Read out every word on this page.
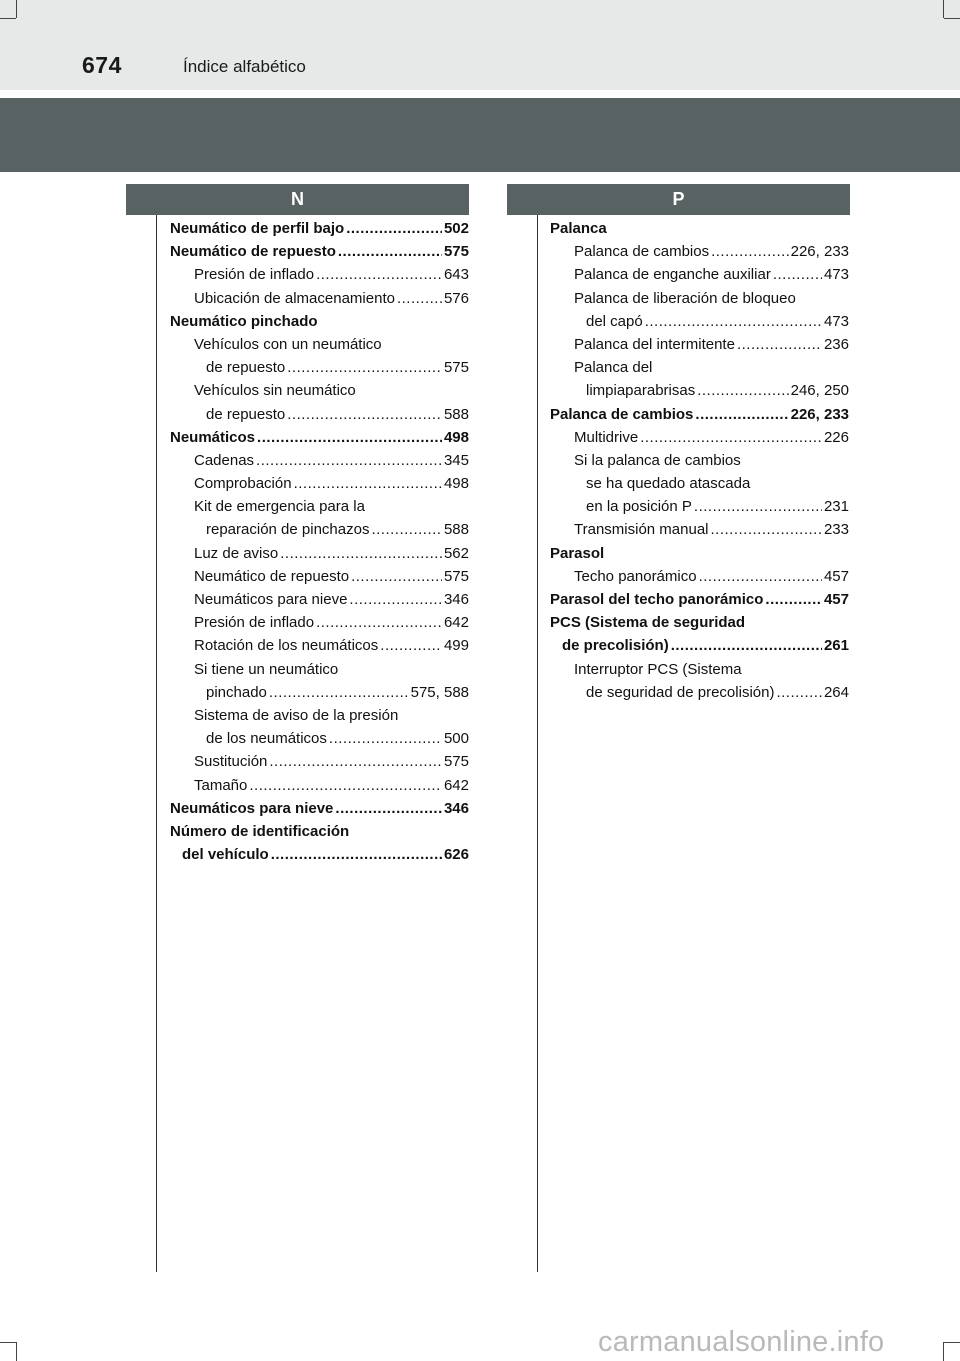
674	Índice alfabético
N	P
Neumático de perfil bajo .....	502
Neumático de repuesto .....	575
Presión de inflado .....	643
Ubicación de almacenamiento .....	576
Neumático pinchado
Vehículos con un neumático
de repuesto .....	575
Vehículos sin neumático
de repuesto .....	588
Neumáticos .....	498
Cadenas .....	345
Comprobación .....	498
Kit de emergencia para la
reparación de pinchazos .....	588
Luz de aviso .....	562
Neumático de repuesto .....	575
Neumáticos para nieve .....	346
Presión de inflado .....	642
Rotación de los neumáticos .....	499
Si tiene un neumático
pinchado .....	575, 588
Sistema de aviso de la presión
de los neumáticos .....	500
Sustitución .....	575
Tamaño .....	642
Neumáticos para nieve .....	346
Número de identificación
del vehículo .....	626
Palanca
Palanca de cambios .....	226, 233
Palanca de enganche auxiliar .....	473
Palanca de liberación de bloqueo
del capó .....	473
Palanca del intermitente .....	236
Palanca del
limpiaparabrisas .....	246, 250
Palanca de cambios .....	226, 233
Multidrive .....	226
Si la palanca de cambios
se ha quedado atascada
en la posición P .....	231
Transmisión manual .....	233
Parasol
Techo panorámico .....	457
Parasol del techo panorámico .....	457
PCS (Sistema de seguridad
de precolisión) .....	261
Interruptor PCS (Sistema
de seguridad de precolisión) .....	264
carmanualsonline.info
